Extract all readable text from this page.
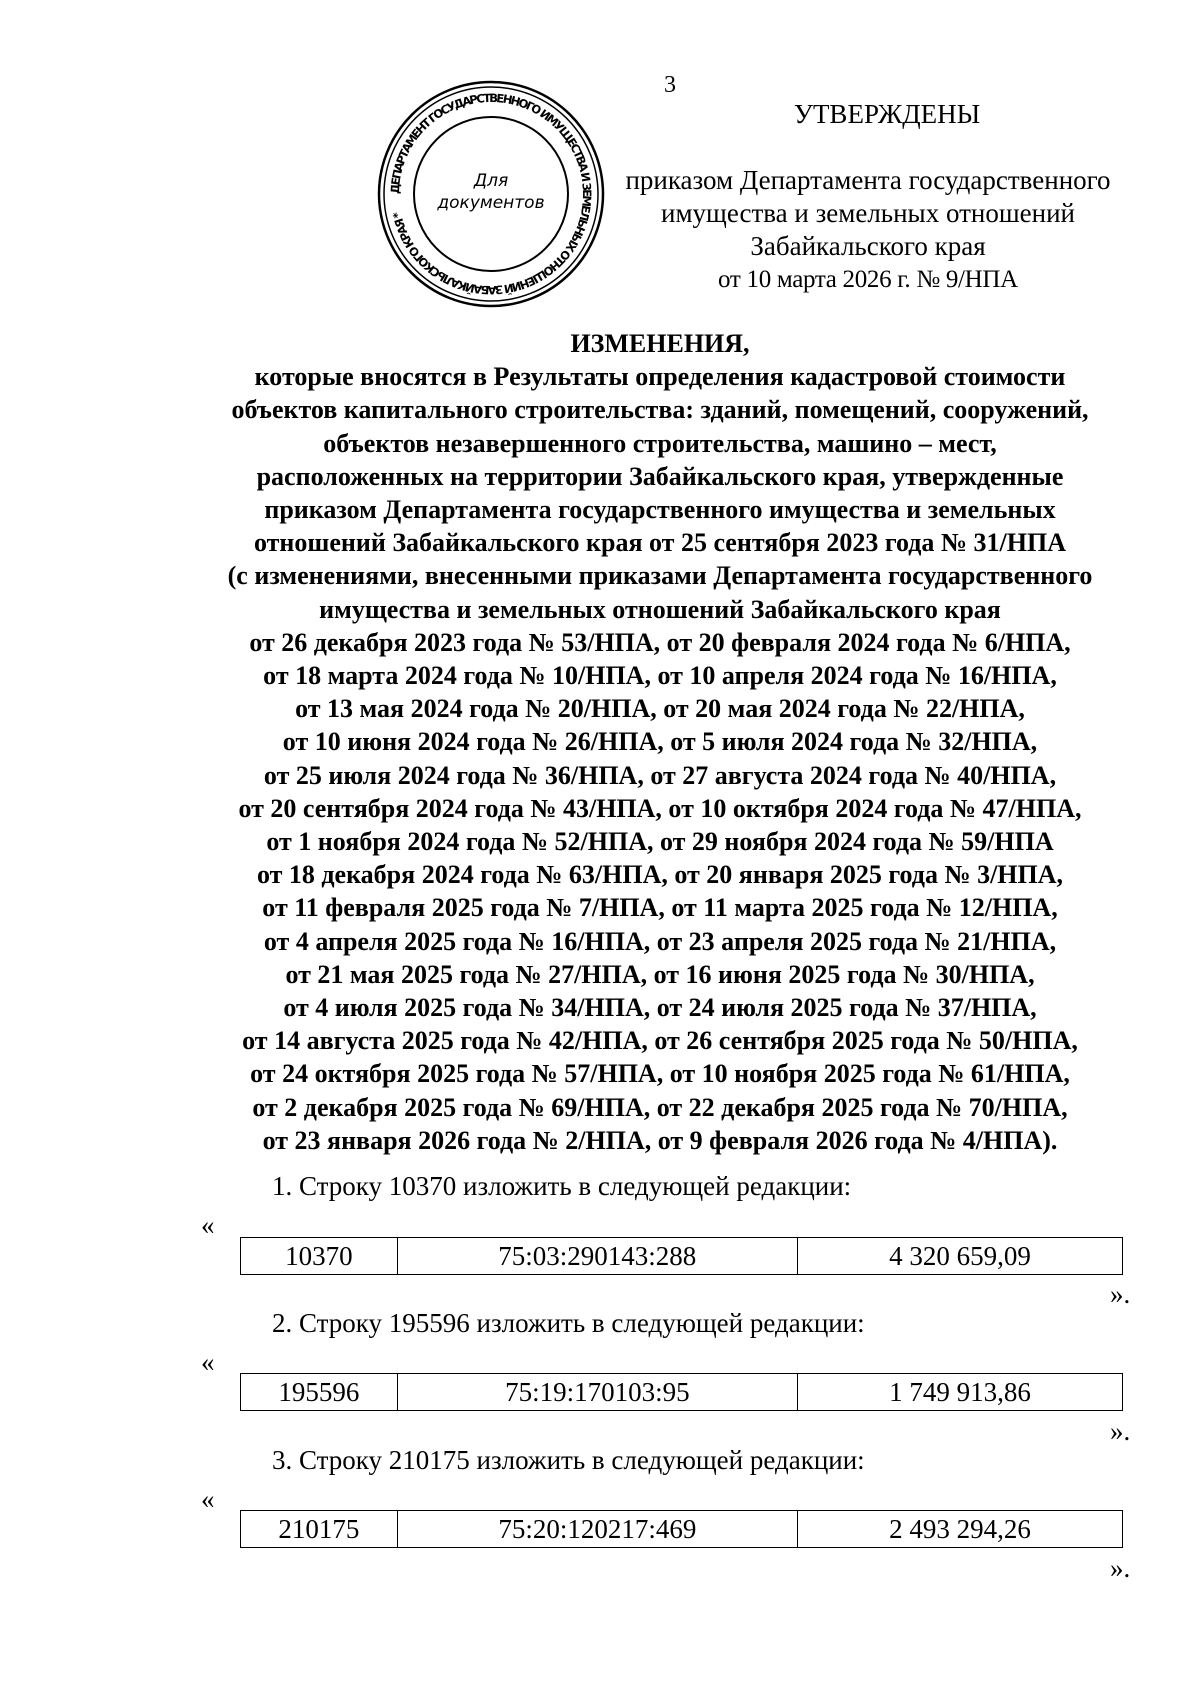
3
ДЕПАРТАМЕНТ ГОСУДАРСТВЕННОГО ИМУЩЕСТВА И ЗЕМЕЛЬНЫХ ОТНОШЕНИЙ ЗАБАЙКАЛЬСКОГО КРАЯ *
Для
документов
УТВЕРЖДЕНЫ
приказом Департамента государственного
имущества и земельных отношений
Забайкальского края
от 10 марта 2026 г. № 9/НПА
ИЗМЕНЕНИЯ,
которые вносятся в Результаты определения кадастровой стоимости
объектов капитального строительства: зданий, помещений, сооружений,
объектов незавершенного строительства, машино – мест,
расположенных на территории Забайкальского края, утвержденные
приказом Департамента государственного имущества и земельных
отношений Забайкальского края от 25 сентября 2023 года № 31/НПА
(с изменениями, внесенными приказами Департамента государственного
имущества и земельных отношений Забайкальского края
от 26 декабря 2023 года № 53/НПА, от 20 февраля 2024 года № 6/НПА,
от 18 марта 2024 года № 10/НПА, от 10 апреля 2024 года № 16/НПА,
от 13 мая 2024 года № 20/НПА, от 20 мая 2024 года № 22/НПА,
от 10 июня 2024 года № 26/НПА, от 5 июля 2024 года № 32/НПА,
от 25 июля 2024 года № 36/НПА, от 27 августа 2024 года № 40/НПА,
от 20 сентября 2024 года № 43/НПА, от 10 октября 2024 года № 47/НПА,
от 1 ноября 2024 года № 52/НПА, от 29 ноября 2024 года № 59/НПА
от 18 декабря 2024 года № 63/НПА, от 20 января 2025 года № 3/НПА,
от 11 февраля 2025 года № 7/НПА, от 11 марта 2025 года № 12/НПА,
от 4 апреля 2025 года № 16/НПА, от 23 апреля 2025 года № 21/НПА,
от 21 мая 2025 года № 27/НПА, от 16 июня 2025 года № 30/НПА,
от 4 июля 2025 года № 34/НПА, от 24 июля 2025 года № 37/НПА,
от 14 августа 2025 года № 42/НПА, от 26 сентября 2025 года № 50/НПА,
от 24 октября 2025 года № 57/НПА, от 10 ноября 2025 года № 61/НПА,
от 2 декабря 2025 года № 69/НПА, от 22 декабря 2025 года № 70/НПА,
от 23 января 2026 года № 2/НПА, от 9 февраля 2026 года № 4/НПА).
1. Строку 10370 изложить в следующей редакции:
«
10370	75:03:290143:288	4 320 659,09
».
2. Строку 195596 изложить в следующей редакции:
«
195596	75:19:170103:95	1 749 913,86
».
3. Строку 210175 изложить в следующей редакции:
«
210175	75:20:120217:469	2 493 294,26
».
